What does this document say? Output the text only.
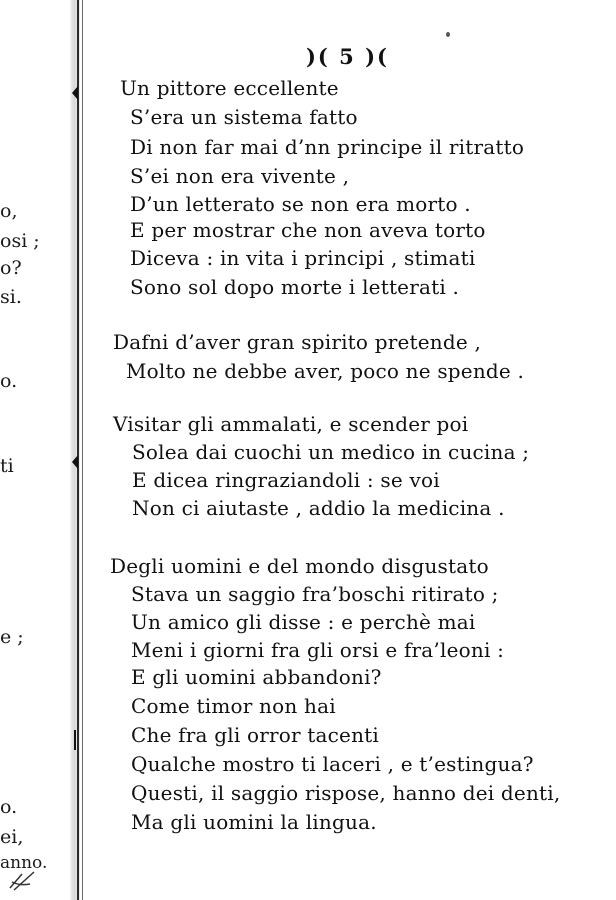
o,
osi ;
o?
si.
o.
ti
e ;
o.
ei,
anno.
)( 5 )(
Un pittore eccellente
S’era un sistema fatto
Di non far mai d’nn principe il ritratto
S’ei non era vivente ,
D’un letterato se non era morto .
E per mostrar che non aveva torto
Diceva : in vita i principi , stimati
Sono sol dopo morte i letterati .
Dafni d’aver gran spirito pretende ,
Molto ne debbe aver, poco ne spende .
Visitar gli ammalati, e scender poi
Solea dai cuochi un medico in cucina ;
E dicea ringraziandoli : se voi
Non ci aiutaste , addio la medicina .
Degli uomini e del mondo disgustato
Stava un saggio fra’boschi ritirato ;
Un amico gli disse : e perchè mai
Meni i giorni fra gli orsi e fra’leoni :
E gli uomini abbandoni?
Come timor non hai
Che fra gli orror tacenti
Qualche mostro ti laceri , e t’estingua?
Questi, il saggio rispose, hanno dei denti,
Ma gli uomini la lingua.
